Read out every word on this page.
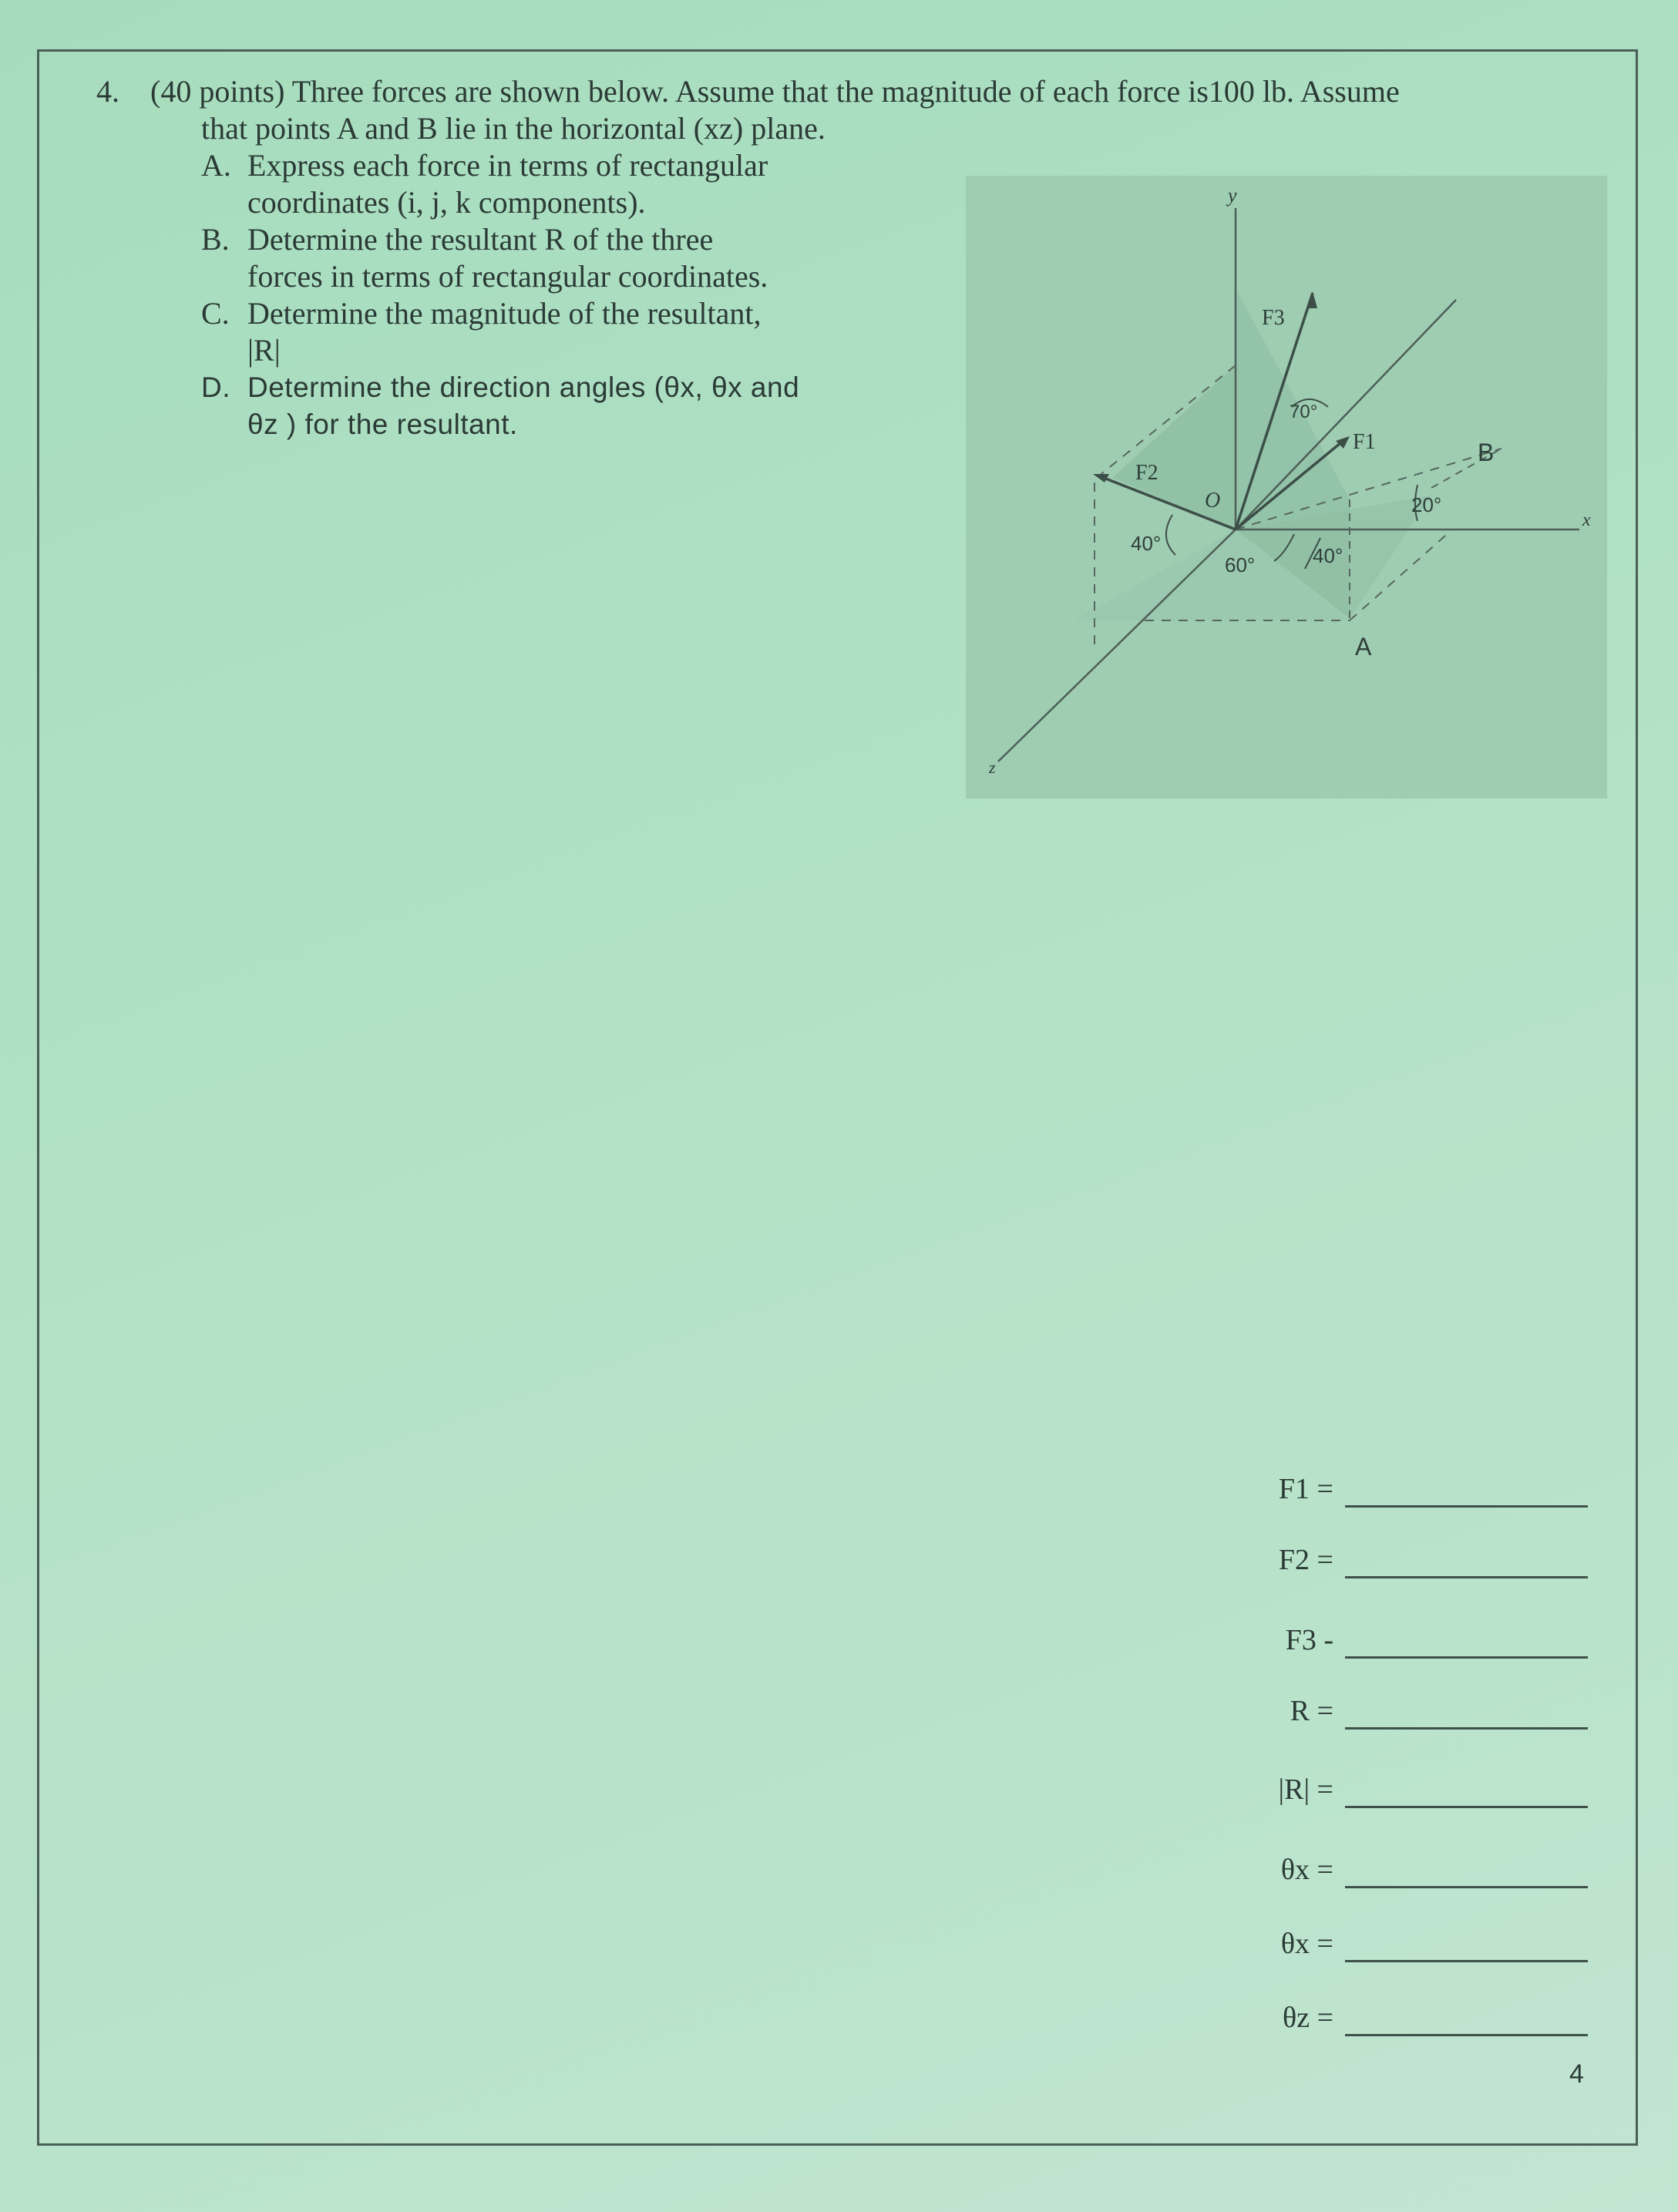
4. (40 points) Three forces are shown below. Assume that the magnitude of each force is100 lb. Assume
that points A and B lie in the horizontal (xz) plane.
A. Express each force in terms of rectangular
coordinates (i, j, k components).
B. Determine the resultant R of the three
forces in terms of rectangular coordinates.
C. Determine the magnitude of the resultant,
|R|
D. Determine the direction angles (θx, θx and
θz ) for the resultant.
y
x
z
O
F3
F2
F1	B
A
70°
20°
40°
60°	40°
F1 =
F2 =
F3 -
R =
|R| =
θx =
θx =
θz =
4
